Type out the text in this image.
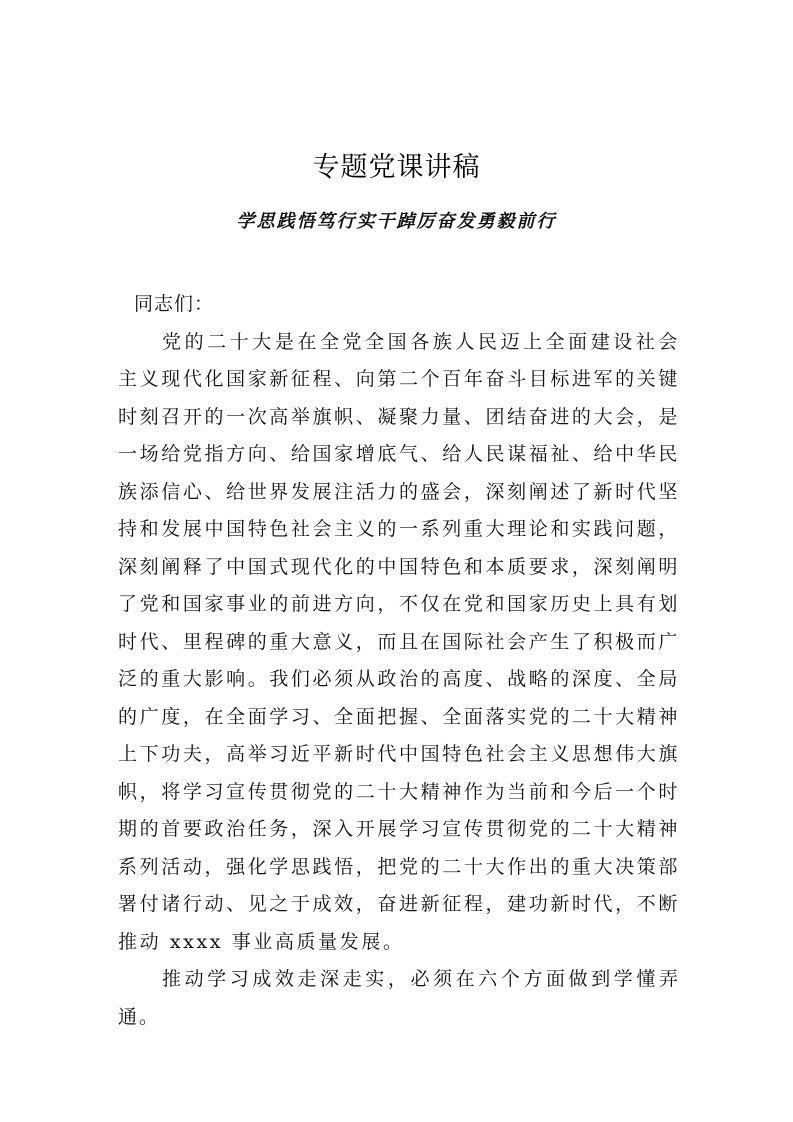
专题党课讲稿
学思践悟笃行实干踔厉奋发勇毅前行

同志们：

党的二十大是在全党全国各族人民迈上全面建设社会主义现代化国家新征程、向第二个百年奋斗目标进军的关键时刻召开的一次高举旗帜、凝聚力量、团结奋进的大会，是一场给党指方向、给国家增底气、给人民谋福祉、给中华民族添信心、给世界发展注活力的盛会，深刻阐述了新时代坚持和发展中国特色社会主义的一系列重大理论和实践问题，深刻阐释了中国式现代化的中国特色和本质要求，深刻阐明了党和国家事业的前进方向，不仅在党和国家历史上具有划时代、里程碑的重大意义，而且在国际社会产生了积极而广泛的重大影响。我们必须从政治的高度、战略的深度、全局的广度，在全面学习、全面把握、全面落实党的二十大精神上下功夫，高举习近平新时代中国特色社会主义思想伟大旗帜，将学习宣传贯彻党的二十大精神作为当前和今后一个时期的首要政治任务，深入开展学习宣传贯彻党的二十大精神系列活动，强化学思践悟，把党的二十大作出的重大决策部署付诸行动、见之于成效，奋进新征程，建功新时代，不断推动 xxxx 事业高质量发展。

推动学习成效走深走实，必须在六个方面做到学懂弄通。
